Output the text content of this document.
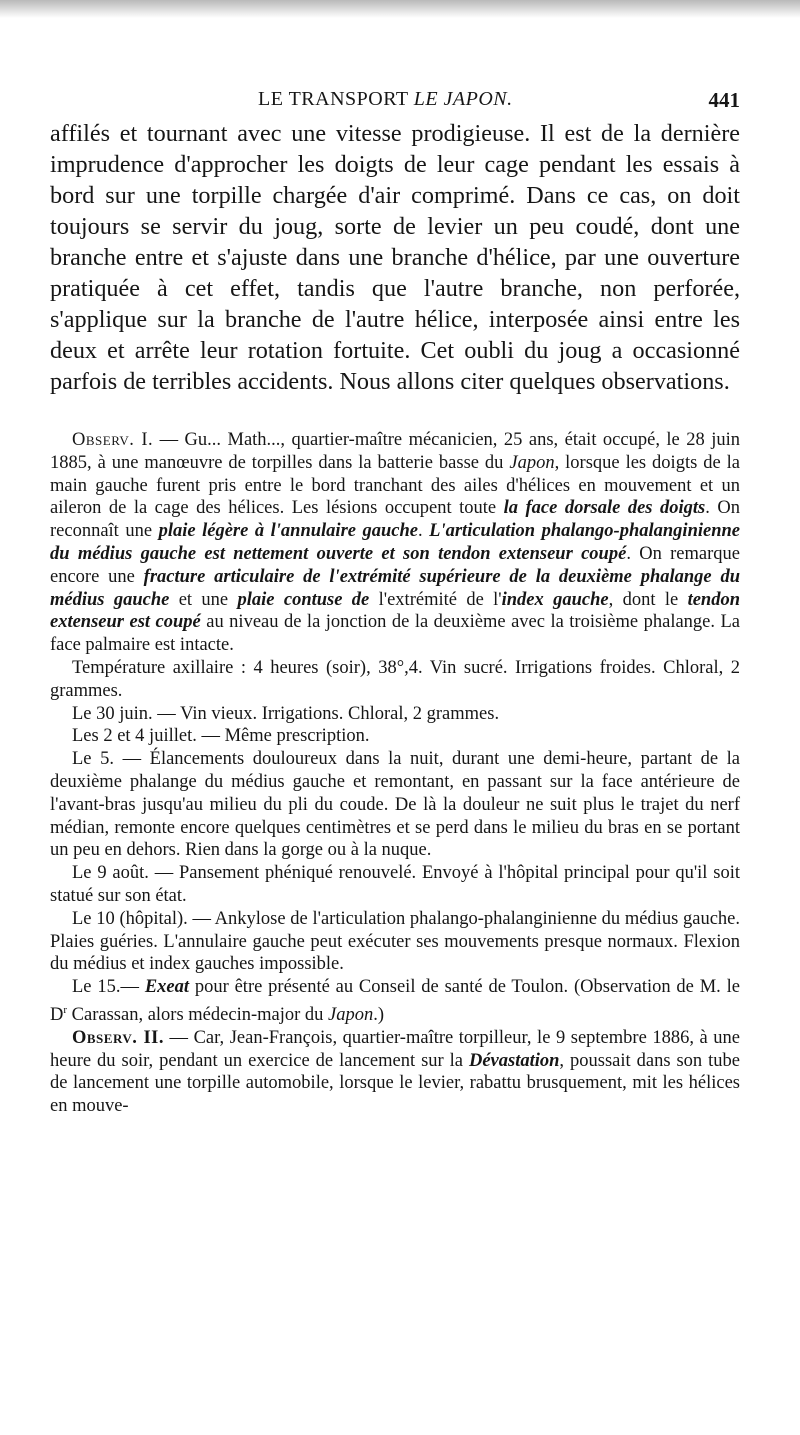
LE TRANSPORT LE JAPON.	441

affilés et tournant avec une vitesse prodigieuse. Il est de la dernière imprudence d'approcher les doigts de leur cage pendant les essais à bord sur une torpille chargée d'air comprimé. Dans ce cas, on doit toujours se servir du joug, sorte de levier un peu coudé, dont une branche entre et s'ajuste dans une branche d'hélice, par une ouverture pratiquée à cet effet, tandis que l'autre branche, non perforée, s'applique sur la branche de l'autre hélice, interposée ainsi entre les deux et arrête leur rotation fortuite. Cet oubli du joug a occasionné parfois de terribles accidents. Nous allons citer quelques observations.

Observ. I. — Gu... Math..., quartier-maître mécanicien, 25 ans, était occupé, le 28 juin 1885, à une manœuvre de torpilles dans la batterie basse du Japon, lorsque les doigts de la main gauche furent pris entre le bord tranchant des ailes d'hélices en mouvement et un aileron de la cage des hélices. Les lésions occupent toute la face dorsale des doigts. On reconnaît une plaie légère à l'annulaire gauche. L'articulation phalango-phalanginienne du médius gauche est nettement ouverte et son tendon extenseur coupé. On remarque encore une fracture articulaire de l'extrémité supérieure de la deuxième phalange du médius gauche et une plaie contuse de l'extrémité de l'index gauche, dont le tendon extenseur est coupé au niveau de la jonction de la deuxième avec la troisième phalange. La face palmaire est intacte.

Température axillaire : 4 heures (soir), 38°,4. Vin sucré. Irrigations froides. Chloral, 2 grammes.

Le 30 juin. — Vin vieux. Irrigations. Chloral, 2 grammes.

Les 2 et 4 juillet. — Même prescription.

Le 5. — Élancements douloureux dans la nuit, durant une demi-heure, partant de la deuxième phalange du médius gauche et remontant, en passant sur la face antérieure de l'avant-bras jusqu'au milieu du pli du coude. De là la douleur ne suit plus le trajet du nerf médian, remonte encore quelques centimètres et se perd dans le milieu du bras en se portant un peu en dehors. Rien dans la gorge ou à la nuque.

Le 9 août. — Pansement phéniqué renouvelé. Envoyé à l'hôpital principal pour qu'il soit statué sur son état.

Le 10 (hôpital). — Ankylose de l'articulation phalango-phalanginienne du médius gauche. Plaies guéries. L'annulaire gauche peut exécuter ses mouvements presque normaux. Flexion du médius et index gauches impossible.

Le 15.— Exeat pour être présenté au Conseil de santé de Toulon. (Observation de M. le $D^r$ Carassan, alors médecin-major du Japon.)

Observ. II. — Car, Jean-François, quartier-maître torpilleur, le 9 septembre 1886, à une heure du soir, pendant un exercice de lancement sur la Dévastation, poussait dans son tube de lancement une torpille automobile, lorsque le levier, rabattu brusquement, mit les hélices en mouve-
